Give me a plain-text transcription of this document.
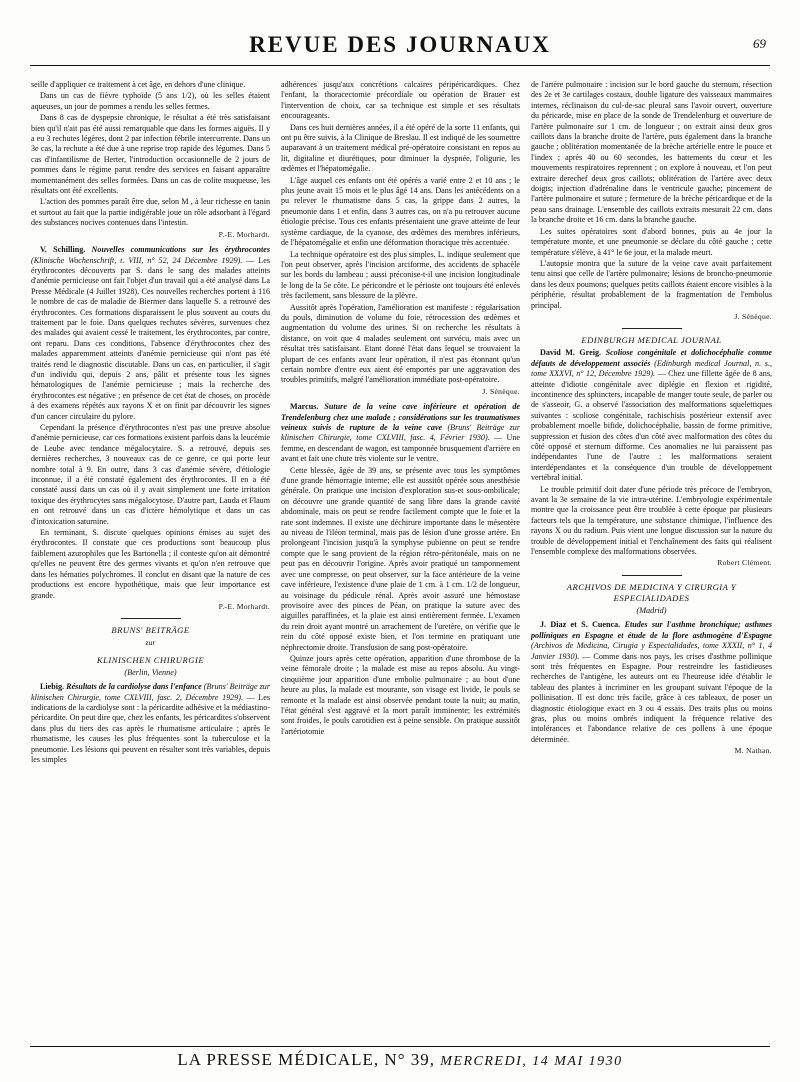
REVUE DES JOURNAUX	69

seille d'appliquer ce traitement à cet âge, en dehors d'une clinique.

Dans un cas de fièvre typhoïde (5 ans 1/2), où les selles étaient aqueuses, un jour de pommes a rendu les selles fermes.

Dans 8 cas de dyspepsie chronique, le résultat a été très satisfaisant bien qu'il n'ait pas été aussi remarquable que dans les formes aiguës. Il y a eu 3 rechutes légères, dont 2 par infection fébrile intercurrente. Dans un 3e cas, la rechute a été due à une reprise trop rapide des légumes. Dans 5 cas d'infantilisme de Herter, l'introduction occasionnelle de 2 jours de pommes dans le régime parut rendre des services en faisant apparaître momentanément des selles formées. Dans un cas de colite muqueuse, les résultats ont été excellents.

L'action des pommes paraît être due, selon M , à leur richesse en tanin et surtout au fait que la partie indigérable joue un rôle adsorbant à l'égard des substances nocives contenues dans l'intestin.

P.-E. Morhardt.

V. Schilling. Nouvelles communications sur les érythrocontes (Klinische Wochenschrift, t. VIII, n° 52, 24 Décembre 1929). — Les érythrocontes découverts par S. dans le sang des malades atteints d'anémie pernicieuse ont fait l'objet d'un travail qui a été analysé dans La Presse Médicale (4 Juillet 1928). Ces nouvelles recherches portent à 116 le nombre de cas de maladie de Biermer dans laquelle S. a retrouvé des érythrocontes. Ces formations disparaissent le plus souvent au cours du traitement par le foie. Dans quelques rechutes sévères, survenues chez des malades qui avaient cessé le traitement, les érythrocontes, par contre, ont reparu. Dans ces conditions, l'absence d'érythrocontes chez des malades apparemment atteints d'anémie pernicieuse qui n'ont pas été traités rend le diagnostic discutable. Dans un cas, en particulier, il s'agit d'un individu qui, depuis 2 ans, pâlit et présente tous les signes hématologiques de l'anémie pernicieuse ; mais la recherche des érythrocontes est négative ; en présence de cet état de choses, on procède à des examens répétés aux rayons X et on finit par découvrir les signes d'un cancer circulaire du pylore.

Cependant la présence d'érythrocontes n'est pas une preuve absolue d'anémie pernicieuse, car ces formations existent parfois dans la leucémie de Leube avec tendance mégalocytaire. S. a retrouvé, depuis ses dernières recherches, 3 nouveaux cas de ce genre, ce qui porte leur nombre total à 9. En outre, dans 3 cas d'anémie sévère, d'étiologie inconnue, il a été constaté également des érythrocontes. Il en a été constaté aussi dans un cas où il y avait simplement une forte irritation toxique des érythrocytes sans mégalocytose. D'autre part, Lauda et Flaum en ont retrouvé dans un cas d'ictère hémolytique et dans un cas d'intoxication saturnine.

En terminant, S. discute quelques opinions émises au sujet des érythrocontes. Il constate que ces productions sont beaucoup plus faiblement azurophiles que les Bartonella ; il conteste qu'on ait démontré qu'elles ne peuvent être des germes vivants et qu'on n'en retrouve que dans les hématies polychromes. Il conclut en disant que la nature de ces productions est encore hypothétique, mais que leur importance est grande.

P.-E. Morhardt.
BRUNS' BEITRÄGE
zur
KLINISCHEN CHIRURGIE
(Berlin, Vienne)

Liebig. Résultats de la cardiolyse dans l'enfance (Bruns' Beiträge zur klinischen Chirurgie, tome CXLVIII, fasc. 2, Décembre 1929). — Les indications de la cardiolyse sont : la péricardite adhésive et la médiastino-péricardite. On peut dire que, chez les enfants, les péricardites s'observent dans plus du tiers des cas après le rhumatisme articulaire ; après le rhumatisme, les causes les plus fréquentes sont la tuberculose et la pneumonie. Les lésions qui peuvent en résulter sont très variables, depuis les simples

adhérences jusqu'aux concrétions calcaires péripéricardiques. Chez l'enfant, la thoracectomie précordiale ou opération de Brauer est l'intervention de choix, car sa technique est simple et ses résultats encourageants.

Dans ces huit dernières années, il a été opéré de la sorte 11 enfants, qui ont pu être suivis, à la Clinique de Breslau. Il est indiqué de les soumettre auparavant à un traitement médical pré-opératoire consistant en repos au lit, digitaline et diurétiques, pour diminuer la dyspnée, l'oligurie, les œdèmes et l'hépatomégalie.

L'âge auquel ces enfants ont été opérés a varié entre 2 et 10 ans ; le plus jeune avait 15 mois et le plus âgé 14 ans. Dans les antécédents on a pu relever le rhumatisme dans 5 cas, la grippe dans 2 autres, la pneumonie dans 1 et enfin, dans 3 autres cas, on n'a pu retrouver aucune étiologie précise. Tous ces enfants présentaient une grave atteinte de leur système cardiaque, de la cyanose, des œdèmes des membres inférieurs, de l'hépatomégalie et enfin une déformation thoracique très accentuée.

La technique opératoire est des plus simples. L. indique seulement que l'on peut observer, après l'incision arciforme, des accidents de sphacèle sur les bords du lambeau ; aussi préconise-t-il une incision longitudinale le long de la 5e côte. Le péricondre et le périoste ont toujours été enlevés très facilement, sans blessure de la plèvre.

Aussitôt après l'opération, l'amélioration est manifeste : régularisation du pouls, diminution de volume du foie, rétrocession des œdèmes et augmentation du volume des urines. Si on recherche les résultats à distance, on voit que 4 malades seulement ont survécu, mais avec un résultat très satisfaisant. Etant donné l'état dans lequel se trouvaient la plupart de ces enfants avant leur opération, il n'est pas étonnant qu'un certain nombre d'entre eux aient été emportés par une aggravation des troubles primitifs, malgré l'amélioration immédiate post-opératoire.

J. Sénèque.

Marcus. Suture de la veine cave inférieure et opération de Trendelenburg chez une malade ; considérations sur les traumatismes veineux suivis de rupture de la veine cave (Bruns' Beiträge zur klinischen Chirurgie, tome CXLVIII, fasc. 4, Février 1930). — Une femme, en descendant de wagon, est tamponnée brusquement d'arrière en avant et fait une chute très violente sur le ventre.

Cette blessée, âgée de 39 ans, se présente avec tous les symptômes d'une grande hémorragie interne; elle est aussitôt opérée sous anesthésie générale. On pratique une incision d'exploration sus-et sous-ombilicale; on découvre une grande quantité de sang libre dans la grande cavité abdominale, mais on peut se rendre facilement compte que le foie et la rate sont indemnes. Il existe une déchirure importante dans le mésentère au niveau de l'iléon terminal, mais pas de lésion d'une grosse artère. En prolongeant l'incision jusqu'à la symphyse pubienne on peut se rendre compte que le sang provient de la région rétro-péritonéale, mais on ne peut pas en découvrir l'origine. Après avoir pratiqué un tamponnement avec une compresse, on peut observer, sur la face antérieure de la veine cave inférieure, l'existence d'une plaie de 1 cm. à 1 cm. 1/2 de longueur, au voisinage du pédicule rénal. Après avoir assuré une hémostase provisoire avec des pinces de Péan, on pratique la suture avec des aiguilles paraffinées, et la plaie est ainsi entièrement fermée. L'examen du rein droit ayant montré un arrachement de l'uretère, on vérifie que le rein du côté opposé existe bien, et l'on termine en pratiquant une néphrectomie droite. Transfusion de sang post-opératoire.

Quinze jours après cette opération, apparition d'une thrombose de la veine fémorale droite ; la malade est mise au repos absolu. Au vingt-cinquième jour apparition d'une embolie pulmonaire ; au bout d'une heure au plus, la malade est mourante, son visage est livide, le pouls se remonte et la malade est ainsi observée pendant toute la nuit; au matin, l'état général s'est aggravé et la mort paraît imminente; les extrémités sont froides, le pouls carotidien est à peine sensible. On pratique aussitôt l'artériotomie

de l'artère pulmonaire : incision sur le bord gauche du sternum, résection des 2e et 3e cartilages costaux, double ligature des vaisseaux mammaires internes, réclinaison du cul-de-sac pleural sans l'avoir ouvert, ouverture du péricarde, mise en place de la sonde de Trendelenburg et ouverture de l'artère pulmonaire sur 1 cm. de longueur ; on extrait ainsi deux gros caillots dans la branche droite de l'artère, puis également dans la branche gauche ; oblitération momentanée de la brèche artérielle entre le pouce et l'index ; après 40 ou 60 secondes, les battements du cœur et les mouvements respiratoires reprennent ; on explore à nouveau, et l'on peut extraire derechef deux gros caillots; oblitération de l'artère avec deux doigts; injection d'adrénaline dans le ventricule gauche; pincement de l'artère pulmonaire et suture ; fermeture de la brèche péricardique et de la peau sans drainage. L'ensemble des caillots extraits mesurait 22 cm. dans la branche droite et 16 cm. dans la branche gauche.

Les suites opératoires sont d'abord bonnes, puis au 4e jour la température monte, et une pneumonie se déclare du côté gauche ; cette température s'élève, à 41° le 6e jour, et la malade meurt.

L'autopsie montra que la suture de la veine cave avait parfaitement tenu ainsi que celle de l'artère pulmonaire; lésions de broncho-pneumonie dans les deux poumons; quelques petits caillots étaient encore visibles à la périphérie, résultat probablement de la fragmentation de l'embolus principal.

J. Sénèque.
EDINBURGH MEDICAL JOURNAL

David M. Greig. Scoliose congénitale et dolichocéphalie comme défauts de développement associés (Edinburgh medical Journal, n. s., tome XXXVI, n° 12, Décembre 1929). — Chez une fillette âgée de 8 ans, atteinte d'idiotie congénitale avec diplégie en flexion et rigidité, incontinence des sphincters, incapable de manger toute seule, de parler ou de s'asseoir, G. a observé l'association des malformations squelettiques suivantes : scoliose congénitale, rachischisis postérieur extensif avec probablement moelle bifide, dolichocéphalie, bassin de forme primitive, suppression et fusion des côtes d'un côté avec malformation des côtes du côté opposé et sternum difforme. Ces anomalies ne lui paraissent pas indépendantes l'une de l'autre : les malformations seraient interdépendantes et la conséquence d'un trouble de développement vertébral initial.

Le trouble primitif doit dater d'une période très précoce de l'embryon, avant la 3e semaine de la vie intra-utérine. L'embryologie expérimentale montre que la croissance peut être troublée à cette époque par plusieurs facteurs tels que la température, une substance chimique, l'influence des rayons X ou du radium. Puis vient une longue discussion sur la nature du trouble de développement initial et l'enchaînement des faits qui réalisent l'ensemble complexe des malformations observées.

Robert Clément.
ARCHIVOS DE MEDICINA Y CIRURGIA Y ESPECIALIDADES
(Madrid)

J. Diaz et S. Cuenca. Etudes sur l'asthme bronchique; asthmes polliniques en Espagne et étude de la flore asthmogène d'Espagne (Archivos de Medicina, Cirugia y Especialidades, tome XXXII, n° 1, 4 Janvier 1930). — Comme dans nos pays, les crises d'asthme pollinique sont très fréquentes en Espagne. Pour restreindre les fastidieuses recherches de l'antigène, les auteurs ont eu l'heureuse idée d'établir le tableau des plantes à incriminer en les groupant suivant l'époque de la pollinisation. Il est donc très facile, grâce à ces tableaux, de poser un diagnostic étiologique exact en 3 ou 4 essais. Des traits plus ou moins gras, plus ou moins ombrés indiquent la fréquence relative des intolérances et l'abondance relative de ces pollens à une époque déterminée.

M. Nathan.
LA PRESSE MÉDICALE, N° 39, MERCREDI, 14 MAI 1930
